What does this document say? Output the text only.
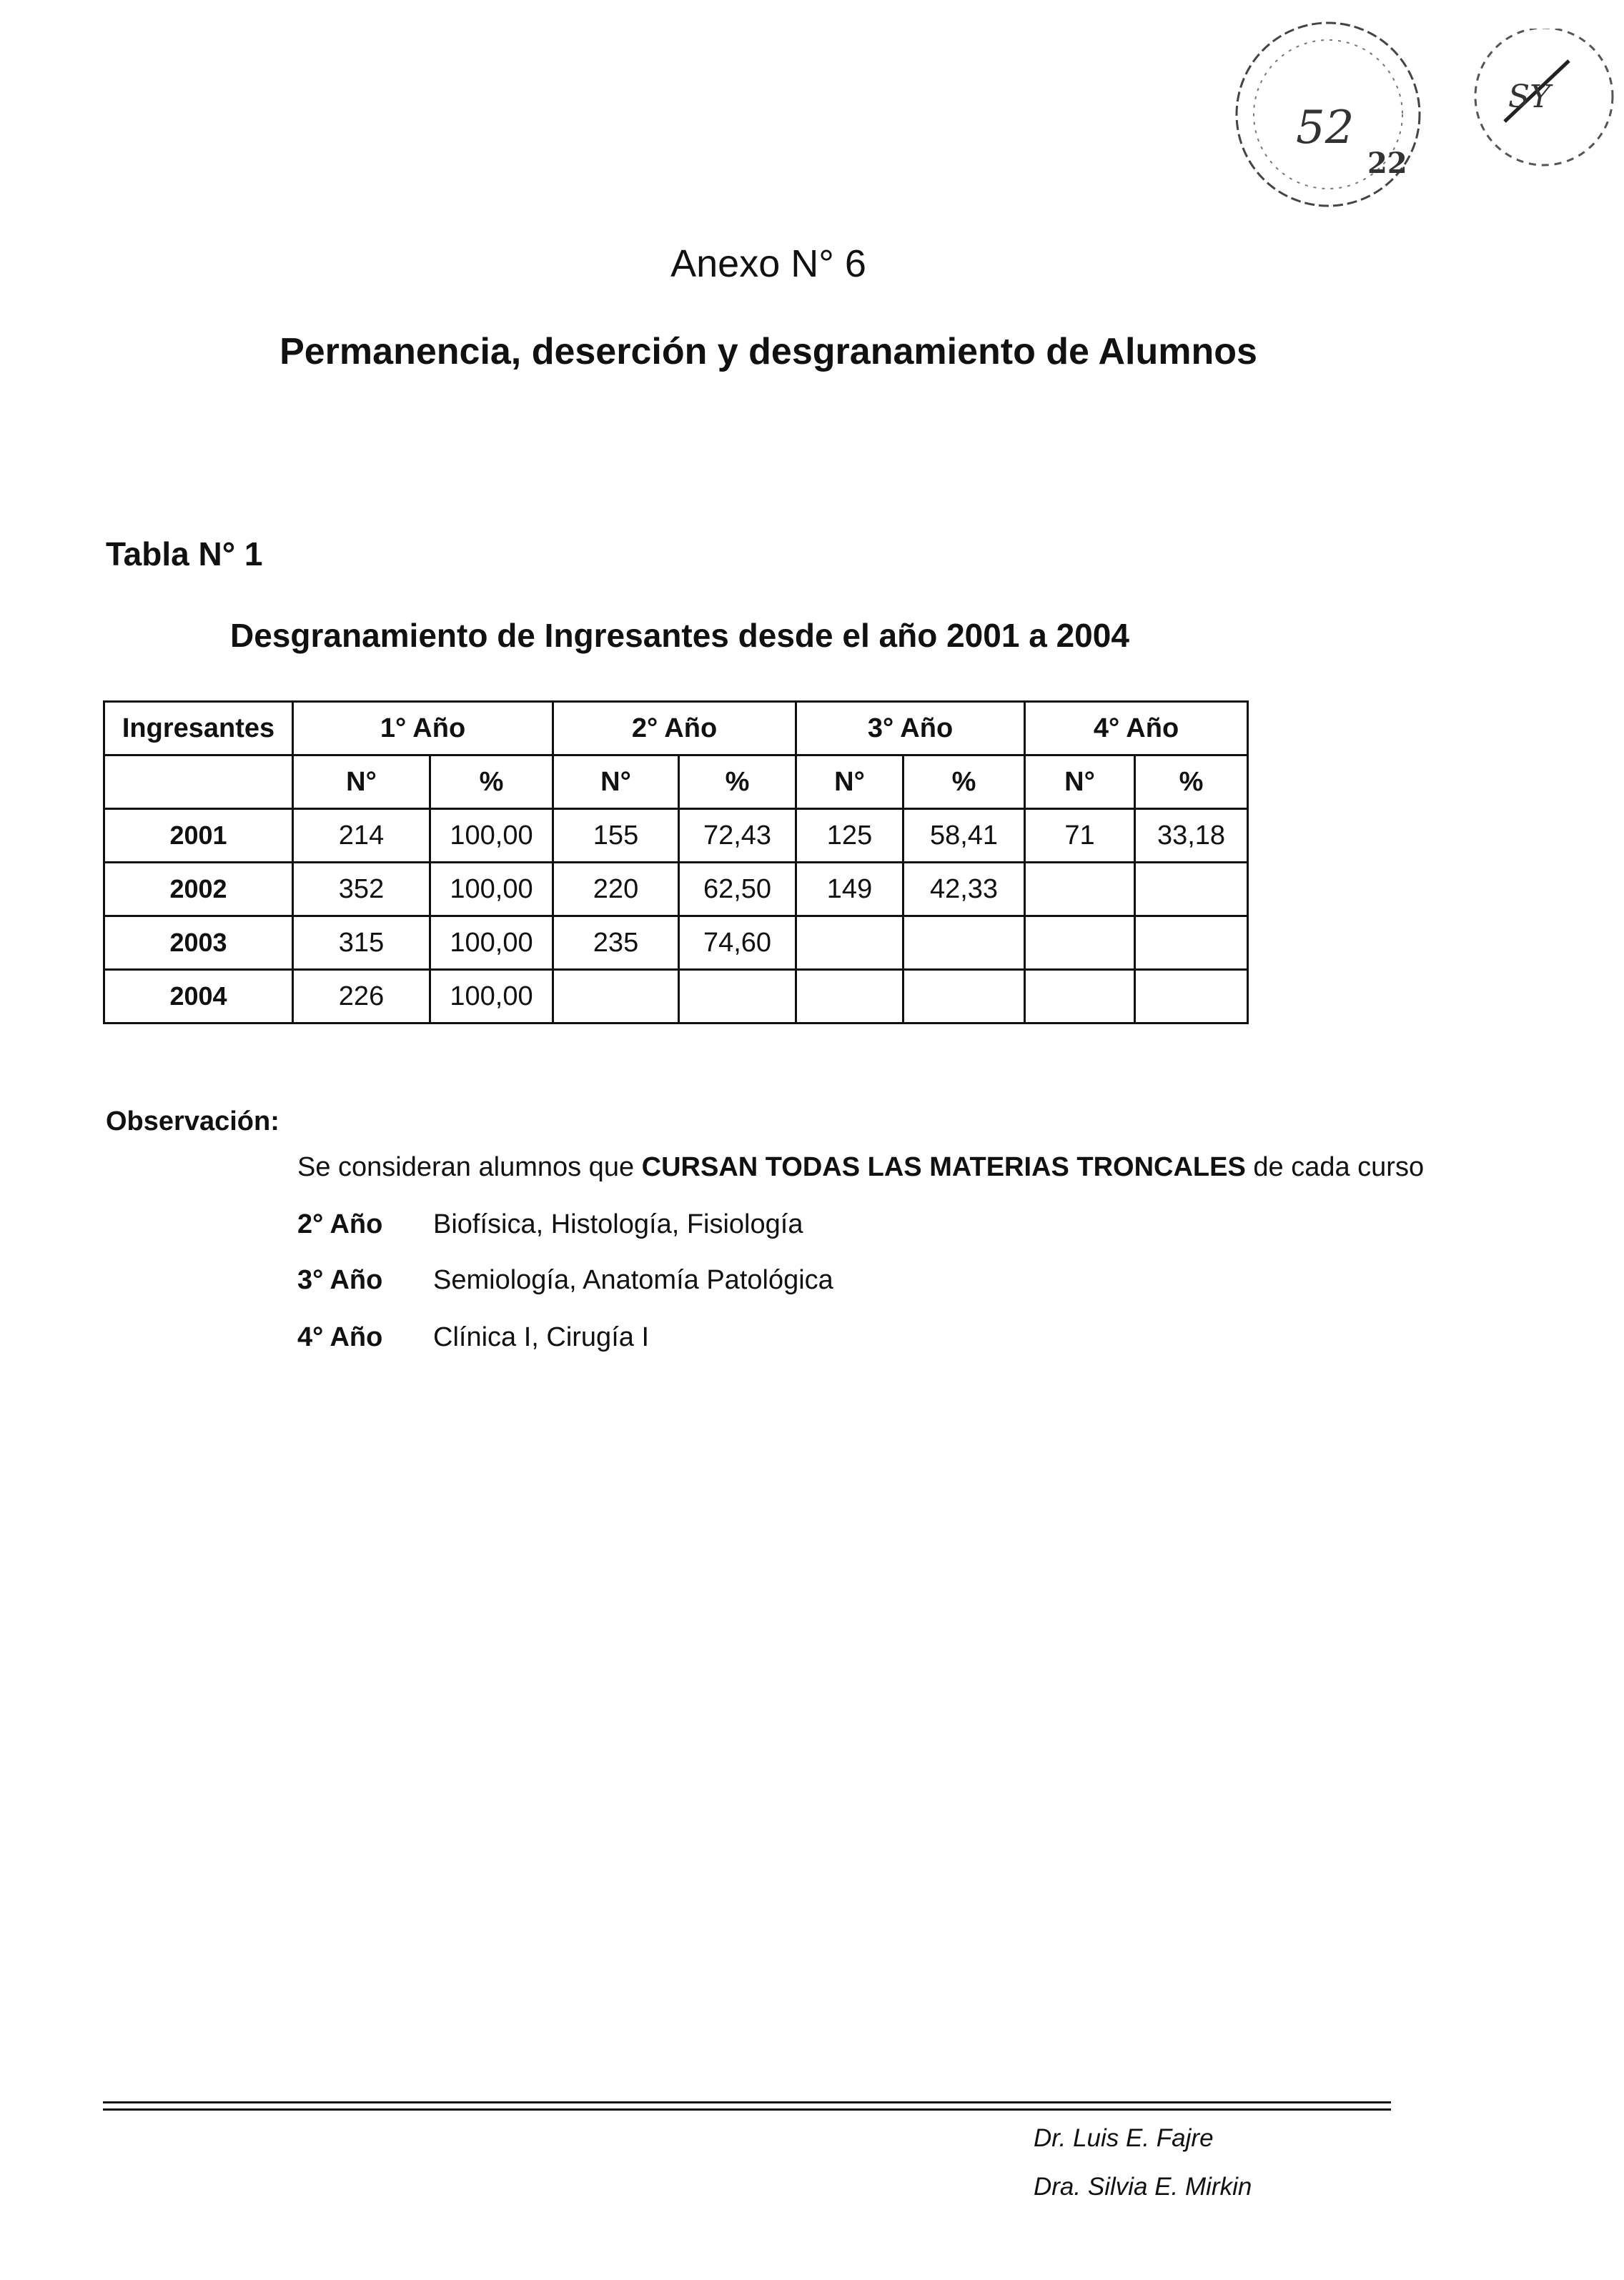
52
22
SY
Anexo N° 6
Permanencia, deserción y desgranamiento de Alumnos
Tabla N° 1
Desgranamiento de Ingresantes desde el año 2001 a 2004
Ingresantes	1° Año		2° Año		3° Año		4° Año	
	N°	%	N°	%	N°	%	N°	%
2001	214	100,00	155	72,43	125	58,41	71	33,18
2002	352	100,00	220	62,50	149	42,33		
2003	315	100,00	235	74,60				
2004	226	100,00						
Observación:
Se consideran alumnos que CURSAN TODAS LAS MATERIAS TRONCALES de cada curso
2° Año Biofísica, Histología, Fisiología
3° Año Semiología, Anatomía Patológica
4° Año Clínica I, Cirugía I
Dr. Luis E. Fajre
Dra. Silvia E. Mirkin
